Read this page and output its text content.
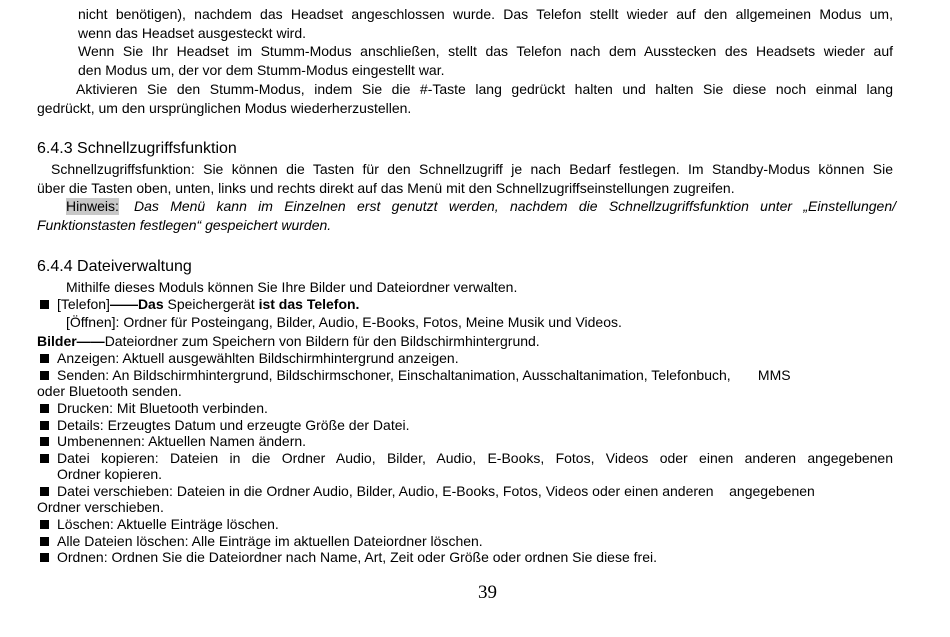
nicht benötigen), nachdem das Headset angeschlossen wurde. Das Telefon stellt wieder auf den allgemeinen Modus um,
wenn das Headset ausgesteckt wird.
Wenn Sie Ihr Headset im Stumm-Modus anschließen, stellt das Telefon nach dem Ausstecken des Headsets wieder auf
den Modus um, der vor dem Stumm-Modus eingestellt war.
Aktivieren Sie den Stumm-Modus, indem Sie die #-Taste lang gedrückt halten und halten Sie diese noch einmal lang
gedrückt, um den ursprünglichen Modus wiederherzustellen.
6.4.3 Schnellzugriffsfunktion
Schnellzugriffsfunktion: Sie können die Tasten für den Schnellzugriff je nach Bedarf festlegen. Im Standby-Modus können Sie
über die Tasten oben, unten, links und rechts direkt auf das Menü mit den Schnellzugriffseinstellungen zugreifen.
Hinweis: Das Menü kann im Einzelnen erst genutzt werden, nachdem die Schnellzugriffsfunktion unter „Einstellungen/
Funktionstasten festlegen“ gespeichert wurden.
6.4.4 Dateiverwaltung
Mithilfe dieses Moduls können Sie Ihre Bilder und Dateiordner verwalten.
[Telefon]——Das Speichergerät ist das Telefon.
[Öffnen]: Ordner für Posteingang, Bilder, Audio, E-Books, Fotos, Meine Musik und Videos.
Bilder——Dateiordner zum Speichern von Bildern für den Bildschirmhintergrund.
Anzeigen: Aktuell ausgewählten Bildschirmhintergrund anzeigen.
Senden: An Bildschirmhintergrund, Bildschirmschoner, Einschaltanimation, Ausschaltanimation, Telefonbuch,       MMS
oder Bluetooth senden.
Drucken: Mit Bluetooth verbinden.
Details: Erzeugtes Datum und erzeugte Größe der Datei.
Umbenennen: Aktuellen Namen ändern.
Datei kopieren: Dateien in die Ordner Audio, Bilder, Audio, E-Books, Fotos, Videos oder einen anderen angegebenen
Ordner kopieren.
Datei verschieben: Dateien in die Ordner Audio, Bilder, Audio, E-Books, Fotos, Videos oder einen anderen    angegebenen
Ordner verschieben.
Löschen: Aktuelle Einträge löschen.
Alle Dateien löschen: Alle Einträge im aktuellen Dateiordner löschen.
Ordnen: Ordnen Sie die Dateiordner nach Name, Art, Zeit oder Größe oder ordnen Sie diese frei.
39
